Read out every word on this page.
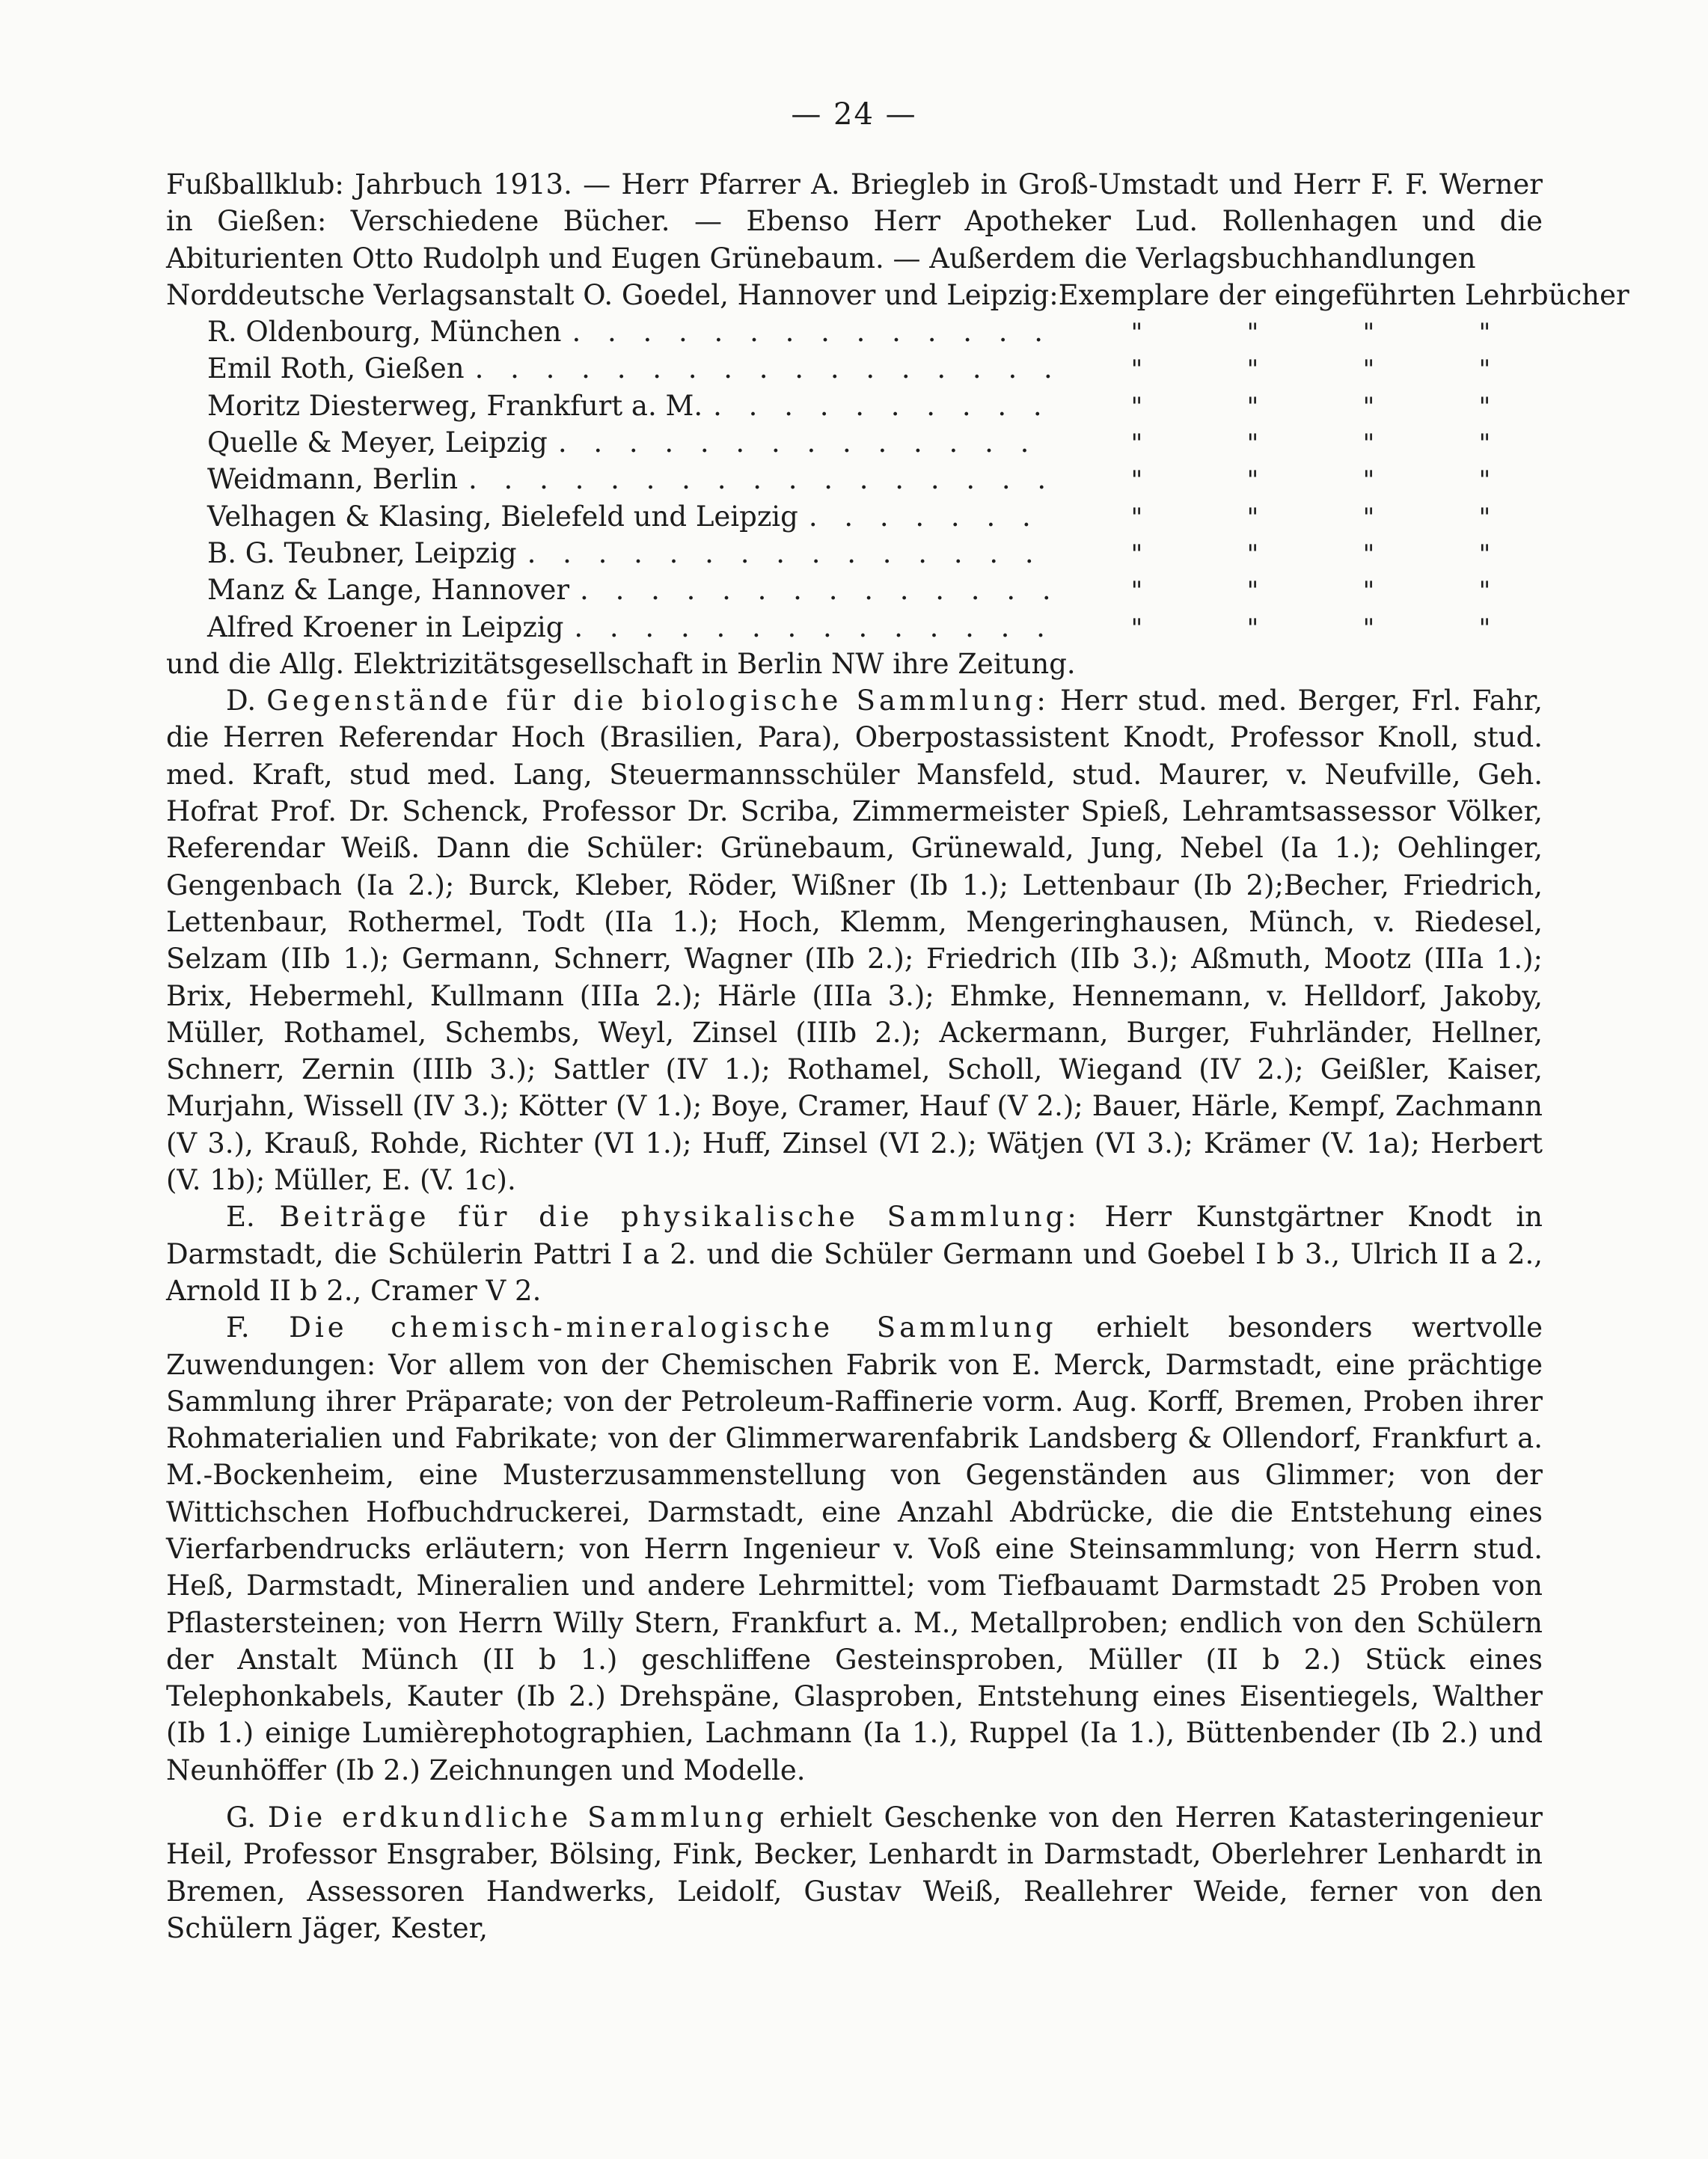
— 24 —

Fußballklub: Jahrbuch 1913. — Herr Pfarrer A. Briegleb in Groß-Umstadt und Herr F. F. Werner in Gießen: Verschiedene Bücher. — Ebenso Herr Apotheker Lud. Rollenhagen und die Abiturienten Otto Rudolph und Eugen Grünebaum. — Außerdem die Verlagsbuchhandlungen

Norddeutsche Verlagsanstalt O. Goedel, Hannover und Leipzig: Exemplare der eingeführten Lehrbücher
R. Oldenbourg, München . . .	"	"	"	"
Emil Roth, Gießen . . .	"	"	"	"
Moritz Diesterweg, Frankfurt a. M. . . .	"	"	"	"
Quelle & Meyer, Leipzig . . .	"	"	"	"
Weidmann, Berlin . . .	"	"	"	"
Velhagen & Klasing, Bielefeld und Leipzig . . .	"	"	"	"
B. G. Teubner, Leipzig . . .	"	"	"	"
Manz & Lange, Hannover . . .	"	"	"	"
Alfred Kroener in Leipzig . . .	"	"	"	"

und die Allg. Elektrizitätsgesellschaft in Berlin NW ihre Zeitung.

D. Gegenstände für die biologische Sammlung: Herr stud. med. Berger, Frl. Fahr, die Herren Referendar Hoch (Brasilien, Para), Oberpostassistent Knodt, Professor Knoll, stud. med. Kraft, stud med. Lang, Steuermannsschüler Mansfeld, stud. Maurer, v. Neufville, Geh. Hofrat Prof. Dr. Schenck, Professor Dr. Scriba, Zimmermeister Spieß, Lehramtsassessor Völker, Referendar Weiß. Dann die Schüler: Grünebaum, Grünewald, Jung, Nebel (Ia 1.); Oehlinger, Gengenbach (Ia 2.); Burck, Kleber, Röder, Wißner (Ib 1.); Lettenbaur (Ib 2);Becher, Friedrich, Lettenbaur, Rothermel, Todt (IIa 1.); Hoch, Klemm, Mengeringhausen, Münch, v. Riedesel, Selzam (IIb 1.); Germann, Schnerr, Wagner (IIb 2.); Friedrich (IIb 3.); Aßmuth, Mootz (IIIa 1.); Brix, Hebermehl, Kullmann (IIIa 2.); Härle (IIIa 3.); Ehmke, Hennemann, v. Helldorf, Jakoby, Müller, Rothamel, Schembs, Weyl, Zinsel (IIIb 2.); Ackermann, Burger, Fuhrländer, Hellner, Schnerr, Zernin (IIIb 3.); Sattler (IV 1.); Rothamel, Scholl, Wiegand (IV 2.); Geißler, Kaiser, Murjahn, Wissell (IV 3.); Kötter (V 1.); Boye, Cramer, Hauf (V 2.); Bauer, Härle, Kempf, Zachmann (V 3.), Krauß, Rohde, Richter (VI 1.); Huff, Zinsel (VI 2.); Wätjen (VI 3.); Krämer (V. 1a); Herbert (V. 1b); Müller, E. (V. 1c).

E. Beiträge für die physikalische Sammlung: Herr Kunstgärtner Knodt in Darmstadt, die Schülerin Pattri I a 2. und die Schüler Germann und Goebel I b 3., Ulrich II a 2., Arnold II b 2., Cramer V 2.

F. Die chemisch-mineralogische Sammlung erhielt besonders wertvolle Zuwendungen: Vor allem von der Chemischen Fabrik von E. Merck, Darmstadt, eine prächtige Sammlung ihrer Präparate; von der Petroleum-Raffinerie vorm. Aug. Korff, Bremen, Proben ihrer Rohmaterialien und Fabrikate; von der Glimmerwarenfabrik Landsberg & Ollendorf, Frankfurt a. M.-Bockenheim, eine Musterzusammenstellung von Gegenständen aus Glimmer; von der Wittichschen Hofbuchdruckerei, Darmstadt, eine Anzahl Abdrücke, die die Entstehung eines Vierfarbendrucks erläutern; von Herrn Ingenieur v. Voß eine Steinsammlung; von Herrn stud. Heß, Darmstadt, Mineralien und andere Lehrmittel; vom Tiefbauamt Darmstadt 25 Proben von Pflastersteinen; von Herrn Willy Stern, Frankfurt a. M., Metallproben; endlich von den Schülern der Anstalt Münch (II b 1.) geschliffene Gesteinsproben, Müller (II b 2.) Stück eines Telephonkabels, Kauter (Ib 2.) Drehspäne, Glasproben, Entstehung eines Eisentiegels, Walther (Ib 1.) einige Lumièrephotographien, Lachmann (Ia 1.), Ruppel (Ia 1.), Büttenbender (Ib 2.) und Neunhöffer (Ib 2.) Zeichnungen und Modelle.

G. Die erdkundliche Sammlung erhielt Geschenke von den Herren Katasteringenieur Heil, Professor Ensgraber, Bölsing, Fink, Becker, Lenhardt in Darmstadt, Oberlehrer Lenhardt in Bremen, Assessoren Handwerks, Leidolf, Gustav Weiß, Reallehrer Weide, ferner von den Schülern Jäger, Kester,
